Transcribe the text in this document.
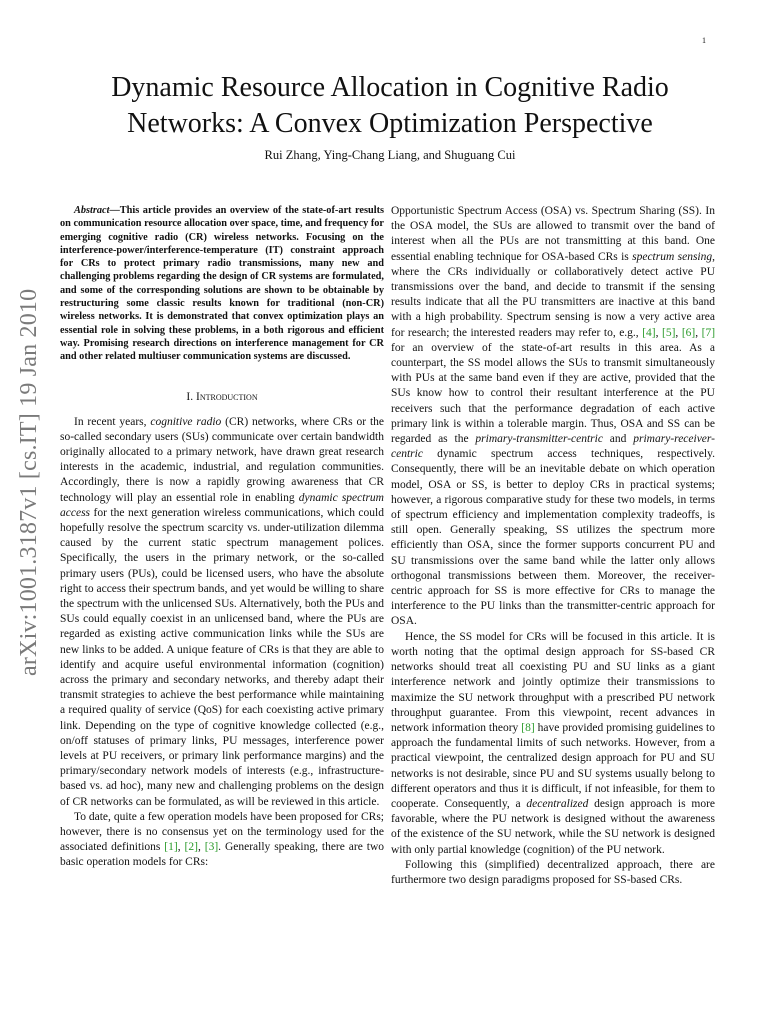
1
arXiv:1001.3187v1 [cs.IT] 19 Jan 2010
Dynamic Resource Allocation in Cognitive Radio
Networks: A Convex Optimization Perspective
Rui Zhang, Ying-Chang Liang, and Shuguang Cui

Abstract—This article provides an overview of the state-of-art results on communication resource allocation over space, time, and frequency for emerging cognitive radio (CR) wireless networks. Focusing on the interference-power/interference-temperature (IT) constraint approach for CRs to protect primary radio transmissions, many new and challenging problems regarding the design of CR systems are formulated, and some of the corresponding solutions are shown to be obtainable by restructuring some classic results known for traditional (non-CR) wireless networks. It is demonstrated that convex optimization plays an essential role in solving these problems, in a both rigorous and efficient way. Promising research directions on interference management for CR and other related multiuser communication systems are discussed.

I. Introduction

In recent years, cognitive radio (CR) networks, where CRs or the so-called secondary users (SUs) communicate over certain bandwidth originally allocated to a primary network, have drawn great research interests in the academic, industrial, and regulation communities. Accordingly, there is now a rapidly growing awareness that CR technology will play an essential role in enabling dynamic spectrum access for the next generation wireless communications, which could hopefully resolve the spectrum scarcity vs. under-utilization dilemma caused by the current static spectrum management polices. Specifically, the users in the primary network, or the so-called primary users (PUs), could be licensed users, who have the absolute right to access their spectrum bands, and yet would be willing to share the spectrum with the unlicensed SUs. Alternatively, both the PUs and SUs could equally coexist in an unlicensed band, where the PUs are regarded as existing active communication links while the SUs are new links to be added. A unique feature of CRs is that they are able to identify and acquire useful environmental information (cognition) across the primary and secondary networks, and thereby adapt their transmit strategies to achieve the best performance while maintaining a required quality of service (QoS) for each coexisting active primary link. Depending on the type of cognitive knowledge collected (e.g., on/off statuses of primary links, PU messages, interference power levels at PU receivers, or primary link performance margins) and the primary/secondary network models of interests (e.g., infrastructure-based vs. ad hoc), many new and challenging problems on the design of CR networks can be formulated, as will be reviewed in this article.

To date, quite a few operation models have been proposed for CRs; however, there is no consensus yet on the terminology used for the associated definitions [1], [2], [3]. Generally speaking, there are two basic operation models for CRs:

Opportunistic Spectrum Access (OSA) vs. Spectrum Sharing (SS). In the OSA model, the SUs are allowed to transmit over the band of interest when all the PUs are not transmitting at this band. One essential enabling technique for OSA-based CRs is spectrum sensing, where the CRs individually or collaboratively detect active PU transmissions over the band, and decide to transmit if the sensing results indicate that all the PU transmitters are inactive at this band with a high probability. Spectrum sensing is now a very active area for research; the interested readers may refer to, e.g., [4], [5], [6], [7] for an overview of the state-of-art results in this area. As a counterpart, the SS model allows the SUs to transmit simultaneously with PUs at the same band even if they are active, provided that the SUs know how to control their resultant interference at the PU receivers such that the performance degradation of each active primary link is within a tolerable margin. Thus, OSA and SS can be regarded as the primary-transmitter-centric and primary-receiver-centric dynamic spectrum access techniques, respectively. Consequently, there will be an inevitable debate on which operation model, OSA or SS, is better to deploy CRs in practical systems; however, a rigorous comparative study for these two models, in terms of spectrum efficiency and implementation complexity tradeoffs, is still open. Generally speaking, SS utilizes the spectrum more efficiently than OSA, since the former supports concurrent PU and SU transmissions over the same band while the latter only allows orthogonal transmissions between them. Moreover, the receiver-centric approach for SS is more effective for CRs to manage the interference to the PU links than the transmitter-centric approach for OSA.

Hence, the SS model for CRs will be focused in this article. It is worth noting that the optimal design approach for SS-based CR networks should treat all coexisting PU and SU links as a giant interference network and jointly optimize their transmissions to maximize the SU network throughput with a prescribed PU network throughput guarantee. From this viewpoint, recent advances in network information theory [8] have provided promising guidelines to approach the fundamental limits of such networks. However, from a practical viewpoint, the centralized design approach for PU and SU networks is not desirable, since PU and SU systems usually belong to different operators and thus it is difficult, if not infeasible, for them to cooperate. Consequently, a decentralized design approach is more favorable, where the PU network is designed without the awareness of the existence of the SU network, while the SU network is designed with only partial knowledge (cognition) of the PU network.

Following this (simplified) decentralized approach, there are furthermore two design paradigms proposed for SS-based CRs.
